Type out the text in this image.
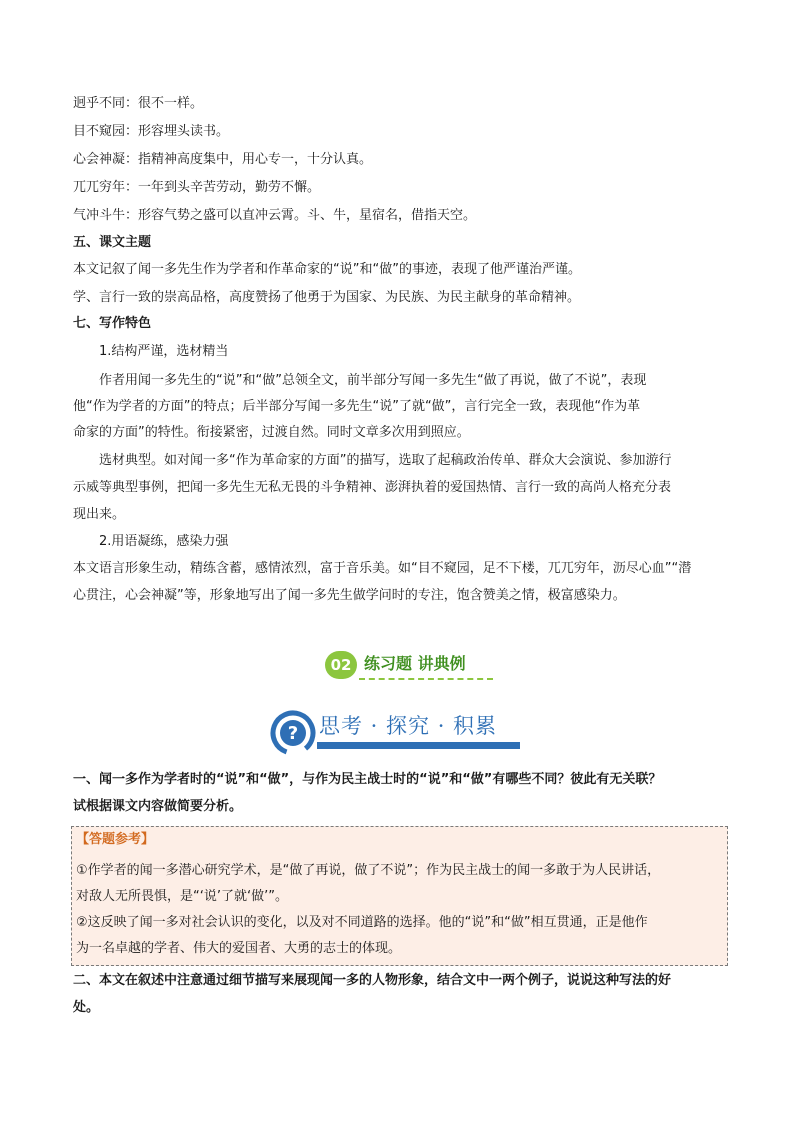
迥乎不同：很不一样。
目不窥园：形容埋头读书。
心会神凝：指精神高度集中，用心专一，十分认真。
兀兀穷年：一年到头辛苦劳动，勤劳不懈。
气冲斗牛：形容气势之盛可以直冲云霄。斗、牛，星宿名，借指天空。
五、课文主题
本文记叙了闻一多先生作为学者和作革命家的“说”和“做”的事迹，表现了他严谨治严谨。
学、言行一致的崇高品格，高度赞扬了他勇于为国家、为民族、为民主献身的革命精神。
七、写作特色
1.结构严谨，选材精当
作者用闻一多先生的“说”和“做”总领全文，前半部分写闻一多先生“做了再说，做了不说”，表现
他“作为学者的方面”的特点；后半部分写闻一多先生“说”了就“做”，言行完全一致，表现他“作为革
命家的方面”的特性。衔接紧密，过渡自然。同时文章多次用到照应。
选材典型。如对闻一多“作为革命家的方面”的描写，选取了起稿政治传单、群众大会演说、参加游行
示威等典型事例，把闻一多先生无私无畏的斗争精神、澎湃执着的爱国热情、言行一致的高尚人格充分表
现出来。
2.用语凝练，感染力强
本文语言形象生动，精练含蓄，感情浓烈，富于音乐美。如“目不窥园，足不下楼，兀兀穷年，沥尽心血”“潜
心贯注，心会神凝”等，形象地写出了闻一多先生做学问时的专注，饱含赞美之情，极富感染力。
02 练习题 讲典例
? 思考 · 探究 · 积累
一、闻一多作为学者时的“说”和“做”，与作为民主战士时的“说”和“做”有哪些不同？彼此有无关联？
试根据课文内容做简要分析。
【答题参考】
①作学者的闻一多潜心研究学术，是“做了再说，做了不说”；作为民主战士的闻一多敢于为人民讲话，
对敌人无所畏惧，是“‘说’了就‘做’”。
②这反映了闻一多对社会认识的变化，以及对不同道路的选择。他的“说”和“做”相互贯通，正是他作
为一名卓越的学者、伟大的爱国者、大勇的志士的体现。
二、本文在叙述中注意通过细节描写来展现闻一多的人物形象，结合文中一两个例子，说说这种写法的好
处。
